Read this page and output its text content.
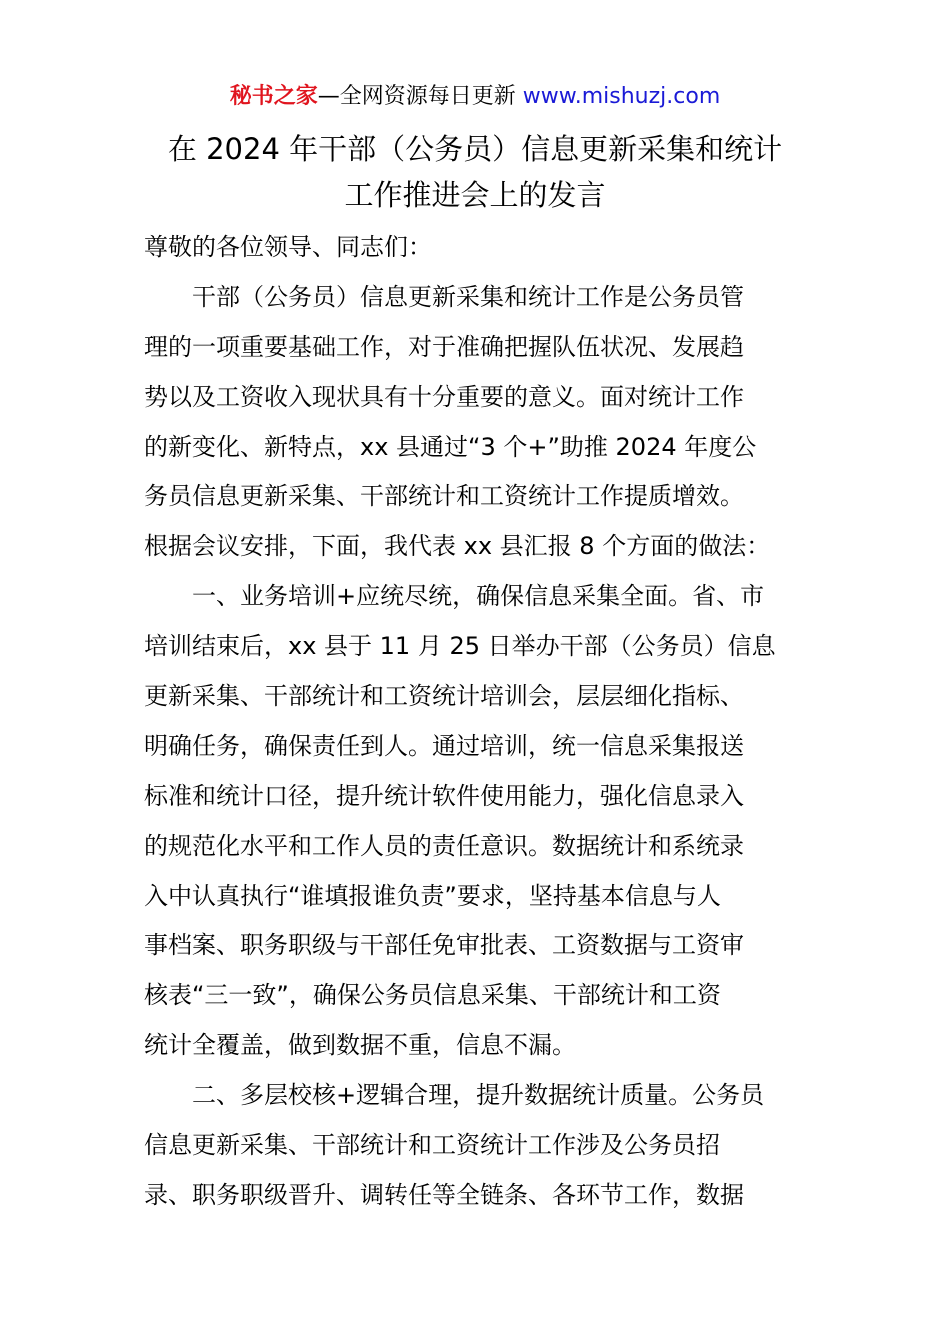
秘书之家—全网资源每日更新 www.mishuzj.com
在 2024 年干部（公务员）信息更新采集和统计
工作推进会上的发言
尊敬的各位领导、同志们：
干部（公务员）信息更新采集和统计工作是公务员管
理的一项重要基础工作，对于准确把握队伍状况、发展趋
势以及工资收入现状具有十分重要的意义。面对统计工作
的新变化、新特点，xx 县通过“3 个+”助推 2024 年度公
务员信息更新采集、干部统计和工资统计工作提质增效。
根据会议安排，下面，我代表 xx 县汇报 8 个方面的做法：
一、业务培训+应统尽统，确保信息采集全面。省、市
培训结束后，xx 县于 11 月 25 日举办干部（公务员）信息
更新采集、干部统计和工资统计培训会，层层细化指标、
明确任务，确保责任到人。通过培训，统一信息采集报送
标准和统计口径，提升统计软件使用能力，强化信息录入
的规范化水平和工作人员的责任意识。数据统计和系统录
入中认真执行“谁填报谁负责”要求，坚持基本信息与人
事档案、职务职级与干部任免审批表、工资数据与工资审
核表“三一致”，确保公务员信息采集、干部统计和工资
统计全覆盖，做到数据不重，信息不漏。
二、多层校核+逻辑合理，提升数据统计质量。公务员
信息更新采集、干部统计和工资统计工作涉及公务员招
录、职务职级晋升、调转任等全链条、各环节工作，数据
